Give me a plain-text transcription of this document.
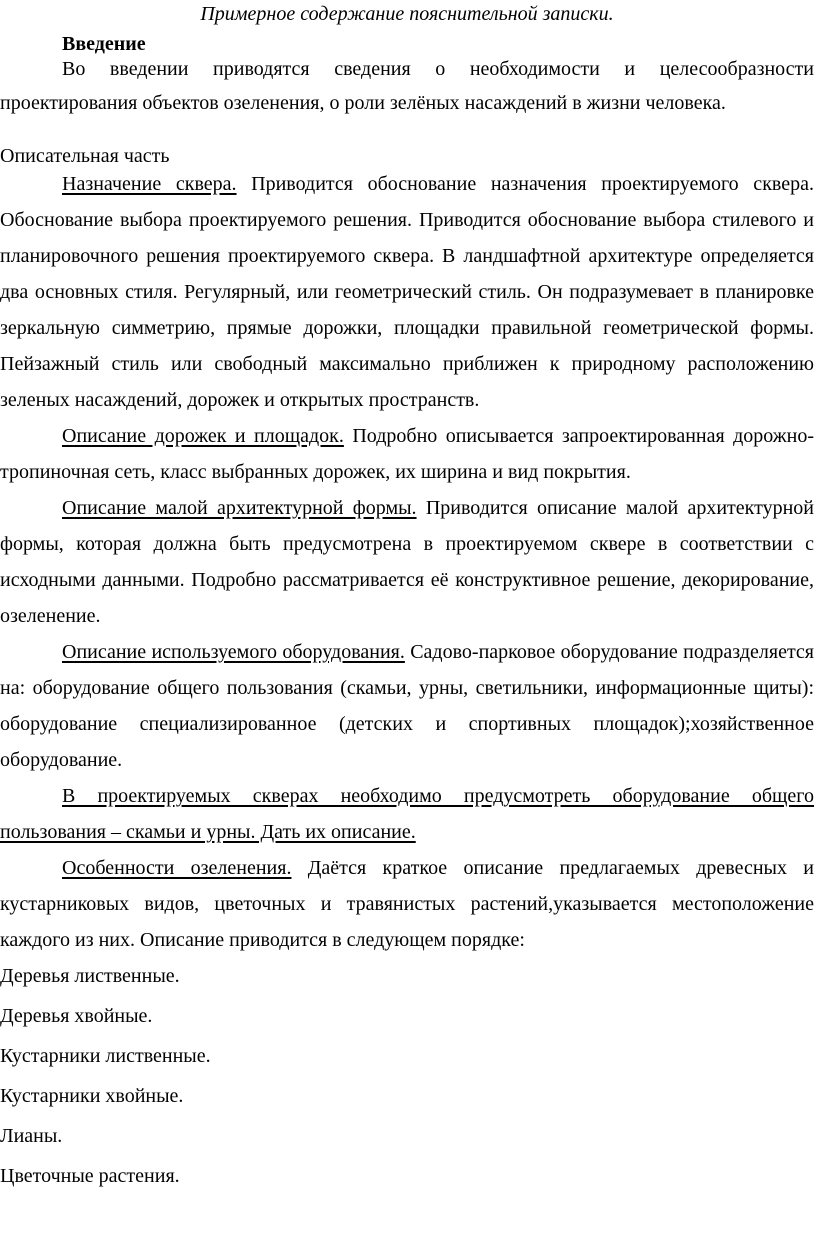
Примерное содержание пояснительной записки.
Введение

Во введении приводятся сведения о необходимости и целесообразности проектирования объектов озеленения, о роли зелёных насаждений в жизни человека.

Описательная часть

Назначение сквера. Приводится обоснование назначения проектируемого сквера. Обоснование выбора проектируемого решения. Приводится обоснование выбора стилевого и планировочного решения проектируемого сквера. В ландшафтной архитектуре определяется два основных стиля. Регулярный, или геометрический стиль. Он подразумевает в планировке зеркальную симметрию, прямые дорожки, площадки правильной геометрической формы. Пейзажный стиль или свободный максимально приближен к природному расположению зеленых насаждений, дорожек и открытых пространств.

Описание дорожек и площадок. Подробно описывается запроектированная дорожно-тропиночная сеть, класс выбранных дорожек, их ширина и вид покрытия.

Описание малой архитектурной формы. Приводится описание малой архитектурной формы, которая должна быть предусмотрена в проектируемом сквере в соответствии с исходными данными. Подробно рассматривается её конструктивное решение, декорирование, озеленение.

Описание используемого оборудования. Садово-парковое оборудование подразделяется на: оборудование общего пользования (скамьи, урны, светильники, информационные щиты): оборудование специализированное (детских и спортивных площадок);хозяйственное оборудование.

В проектируемых скверах необходимо предусмотреть оборудование общего пользования – скамьи и урны. Дать их описание.

Особенности озеленения. Даётся краткое описание предлагаемых древесных и кустарниковых видов, цветочных и травянистых растений,указывается местоположение каждого из них. Описание приводится в следующем порядке:

Деревья лиственные.
Деревья хвойные.
Кустарники лиственные.
Кустарники хвойные.
Лианы.
Цветочные растения.
